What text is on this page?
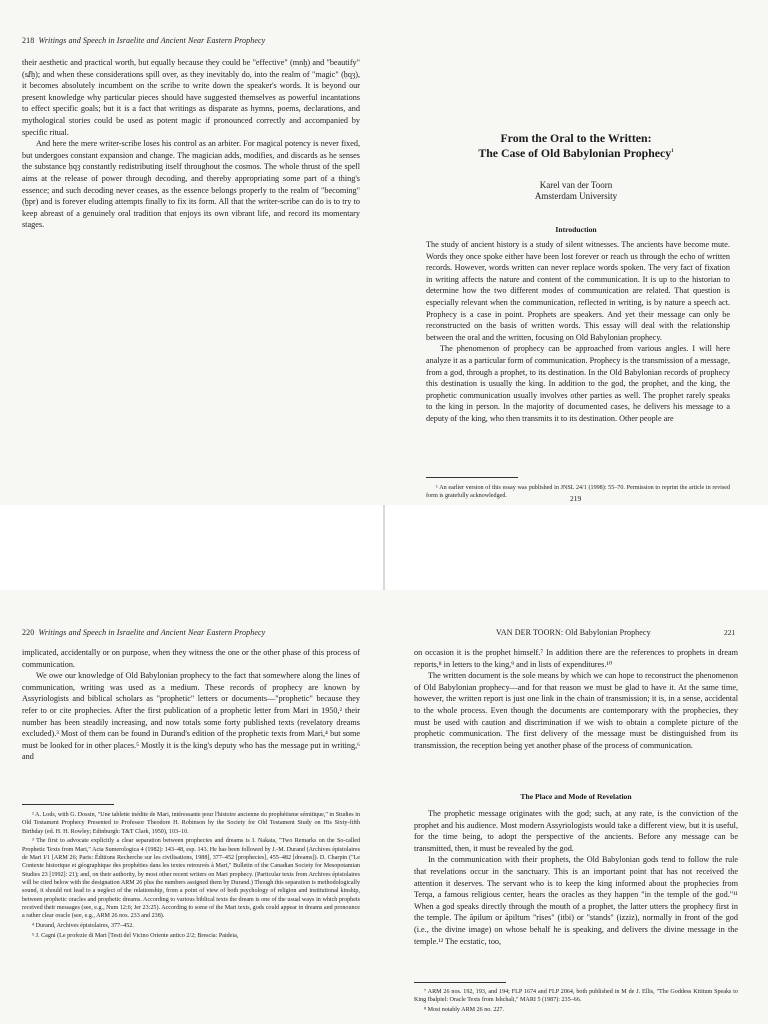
218 Writings and Speech in Israelite and Ancient Near Eastern Prophecy

their aesthetic and practical worth, but equally because they could be "effective" (mnḫ) and "beautify"(sⅈḫ); and when these considerations spill over, as they inevitably do, into the realm of "magic" (ḥqȝ), it becomes absolutely incumbent on the scribe to write down the speaker's words. It is beyond our present knowledge why particular pieces should have suggested themselves as powerful incantations to effect specific goals; but it is a fact that writings as disparate as hymns, poems, declarations, and mythological stories could be used as potent magic if pronounced correctly and accompanied by specific ritual.

And here the mere writer-scribe loses his control as an arbiter. For magical potency is never fixed, but undergoes constant expansion and change. The magician adds, modifies, and discards as he senses the substance ḥqȝ constantly redistributing itself throughout the cosmos. The whole thrust of the spell aims at the release of power through decoding, and thereby appropriating some part of a thing's essence; and such decoding never ceases, as the essence belongs properly to the realm of "becoming" (ḫpr) and is forever eluding attempts finally to fix its form. All that the writer-scribe can do is to try to keep abreast of a genuinely oral tradition that enjoys its own vibrant life, and record its momentary stages.

From the Oral to the Written:
The Case of Old Babylonian Prophecy$^1$
Karel van der Toorn
Amsterdam University
Introduction

The study of ancient history is a study of silent witnesses. The ancients have become mute. Words they once spoke either have been lost forever or reach us through the echo of written records. However, words written can never replace words spoken. The very fact of fixation in writing affects the nature and content of the communication. It is up to the historian to determine how the two different modes of communication are related. That question is especially relevant when the communication, reflected in writing, is by nature a speech act. Prophecy is a case in point. Prophets are speakers. And yet their message can only be reconstructed on the basis of written words. This essay will deal with the relationship between the oral and the written, focusing on Old Babylonian prophecy.

The phenomenon of prophecy can be approached from various angles. I will here analyze it as a particular form of communication. Prophecy is the transmission of a message, from a god, through a prophet, to its destination. In the Old Babylonian records of prophecy this destination is usually the king. In addition to the god, the prophet, and the king, the prophetic communication usually involves other parties as well. The prophet rarely speaks to the king in person. In the majority of documented cases, he delivers his message to a deputy of the king, who then transmits it to its destination. Other people are

¹ An earlier version of this essay was published in JNSL 24/1 (1998): 55–70. Permission to reprint the article in revised form is gratefully acknowledged.	219
220 Writings and Speech in Israelite and Ancient Near Eastern Prophecy

implicated, accidentally or on purpose, when they witness the one or the other phase of this process of communication.

We owe our knowledge of Old Babylonian prophecy to the fact that somewhere along the lines of communication, writing was used as a medium. These records of prophecy are known by Assyriologists and biblical scholars as "prophetic" letters or documents—"prophetic" because they refer to or cite prophecies. After the first publication of a prophetic letter from Mari in 1950,² their number has been steadily increasing, and now totals some forty published texts (revelatory dreams excluded).³ Most of them can be found in Durand's edition of the prophetic texts from Mari,⁴ but some must be looked for in other places.⁵ Mostly it is the king's deputy who has the message put in writing,⁶ and

² A. Lods, with G. Dossin, "Une tablette inédite de Mari, intéressante pour l'histoire ancienne du prophétisme sémitique," in Studies in Old Testament Prophecy Presented to Professor Theodore H. Robinson by the Society for Old Testament Study on His Sixty-fifth Birthday (ed. H. H. Rowley; Edinburgh: T&T Clark, 1950), 103–10.

³ The first to advocate explicitly a clear separation between prophecies and dreams is I. Nakata, "Two Remarks on the So-called Prophetic Texts from Mari," Acta Sumerologica 4 (1982): 143–48, esp. 143. He has been followed by J.-M. Durand (Archives épistolaires de Mari I/1 [ARM 26; Paris: Éditions Recherche sur les civilisations, 1988], 377–452 [prophecies], 455–482 [dreams]). D. Charpin ("Le Contexte historique et géographique des prophéties dans les textes retrouvés à Mari," Bulletin of the Canadian Society for Mesopotamian Studies 23 [1992]: 21); and, on their authority, by most other recent writers on Mari prophecy. (Particular texts from Archives épistolaires will be cited below with the designation ARM 26 plus the numbers assigned them by Durand.) Though this separation is methodologically sound, it should not lead to a neglect of the relationship, from a point of view of both psychology of religion and institutional kinship, between prophetic oracles and prophetic dreams. According to various biblical texts the dream is one of the usual ways in which prophets received their messages (see, e.g., Num 12:6; Jer 23:25). According to some of the Mari texts, gods could appear in dreams and pronounce a rather clear oracle (see, e.g., ARM 26 nos. 233 and 238).

⁴ Durand, Archives épistolaires, 377–452.

⁵ J. Cagni (Le profezie di Mari [Testi del Vicino Oriente antico 2/2; Brescia: Paideia,

VAN DER TOORN: Old Babylonian Prophecy	221

on occasion it is the prophet himself.⁷ In addition there are the references to prophets in dream reports,⁸ in letters to the king,⁹ and in lists of expenditures.¹⁰

The written document is the sole means by which we can hope to reconstruct the phenomenon of Old Babylonian prophecy—and for that reason we must be glad to have it. At the same time, however, the written report is just one link in the chain of transmission; it is, in a sense, accidental to the whole process. Even though the documents are contemporary with the prophecies, they must be used with caution and discrimination if we wish to obtain a complete picture of the prophetic communication. The first delivery of the message must be distinguished from its transmission, the reception being yet another phase of the process of communication.

The Place and Mode of Revelation

The prophetic message originates with the god; such, at any rate, is the conviction of the prophet and his audience. Most modern Assyriologists would take a different view, but it is useful, for the time being, to adopt the perspective of the ancients. Before any message can be transmitted, then, it must be revealed by the god.

In the communication with their prophets, the Old Babylonian gods tend to follow the rule that revelations occur in the sanctuary. This is an important point that has not received the attention it deserves. The servant who is to keep the king informed about the prophecies from Terqa, a famous religious center, hears the oracles as they happen "in the temple of the god."¹¹ When a god speaks directly through the mouth of a prophet, the latter utters the prophecy first in the temple. The āpilum or āpiltum "rises" (itbi) or "stands" (izziz), normally in front of the god (i.e., the divine image) on whose behalf he is speaking, and delivers the divine message in the temple.¹² The ecstatic, too,

⁷ ARM 26 nos. 192, 193, and 194; FLP 1674 and FLP 2064, both published in M de J. Ellis, "The Goddess Kititum Speaks to King Ibalpiel: Oracle Texts from Ishchali," MARI 5 (1987): 235–66.

⁸ Most notably ARM 26 no. 227.
